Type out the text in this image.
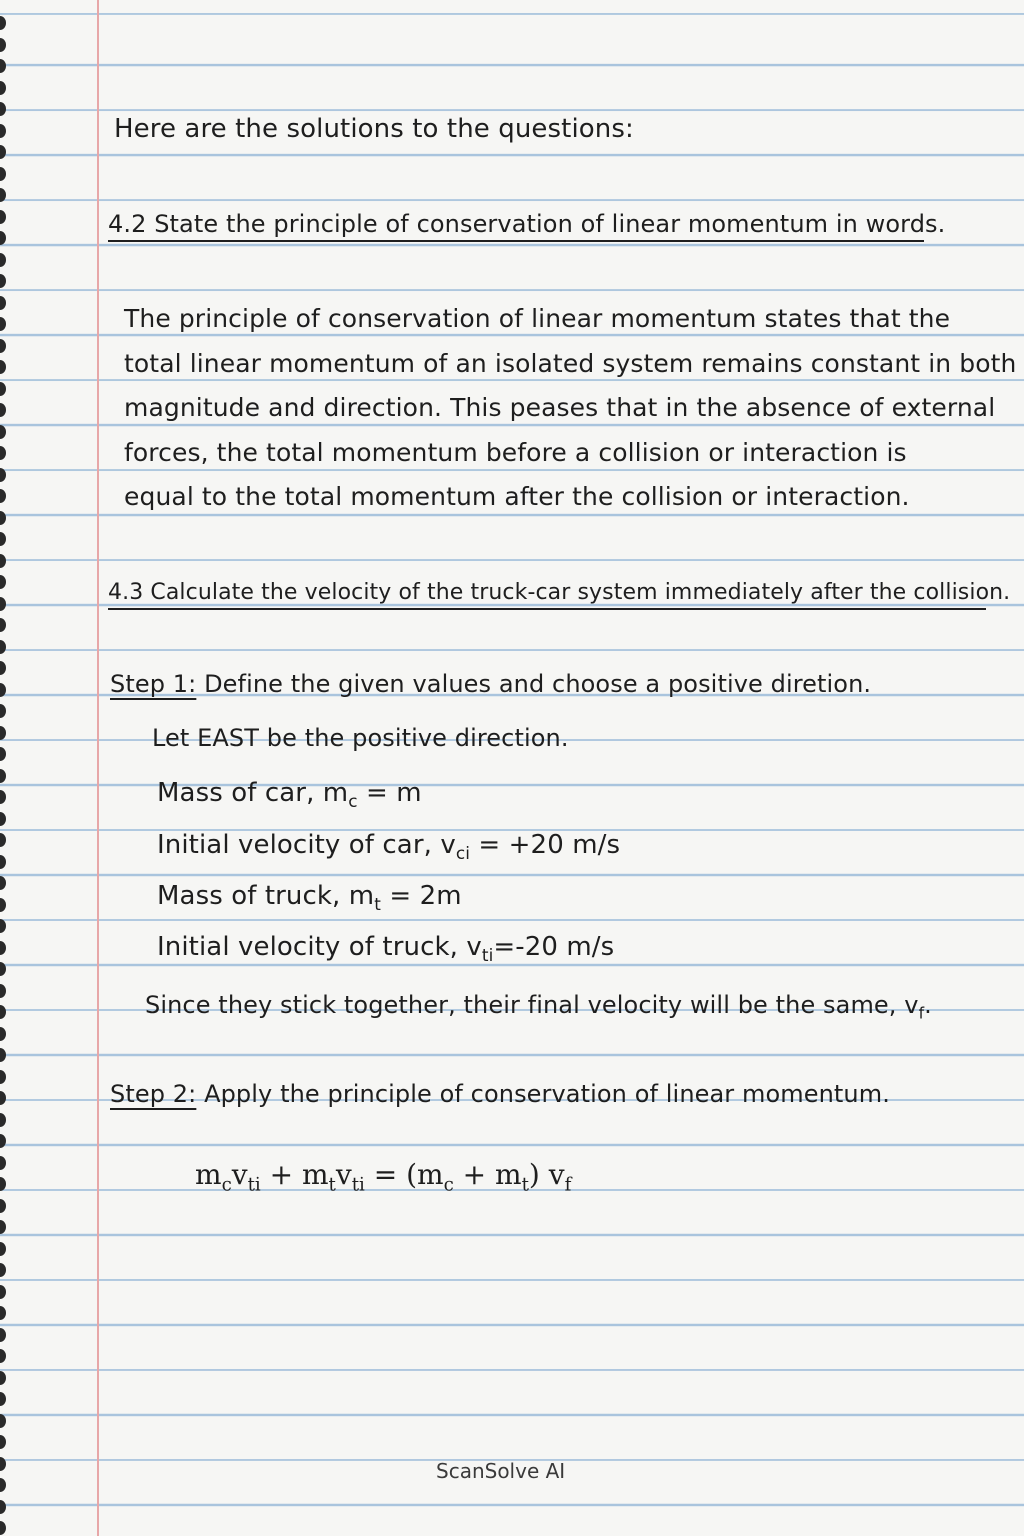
Here are the solutions to the questions:
4.2 State the principle of conservation of linear momentum in words.
The principle of conservation of linear momentum states that the
total linear momentum of an isolated system remains constant in both
magnitude and direction. This peases that in the absence of external
forces, the total momentum before a collision or interaction is
equal to the total momentum after the collision or interaction.
4.3 Calculate the velocity of the truck-car system immediately after the collision.
Step 1: Define the given values and choose a positive diretion.
Let EAST be the positive direction.
Mass of car, $m_c = m$
Initial velocity of car, $v_{ci} = +20$ m/s
Mass of truck, $m_t = 2m$
Initial velocity of truck, $v_{ti}=-20$ m/s
Since they stick together, their final velocity will be the same, $v_f$.
Step 2: Apply the principle of conservation of linear momentum.
$m_cv_{ti} + m_tv_{ti} = (m_c + m_t)$ $v_f$
ScanSolve AI
